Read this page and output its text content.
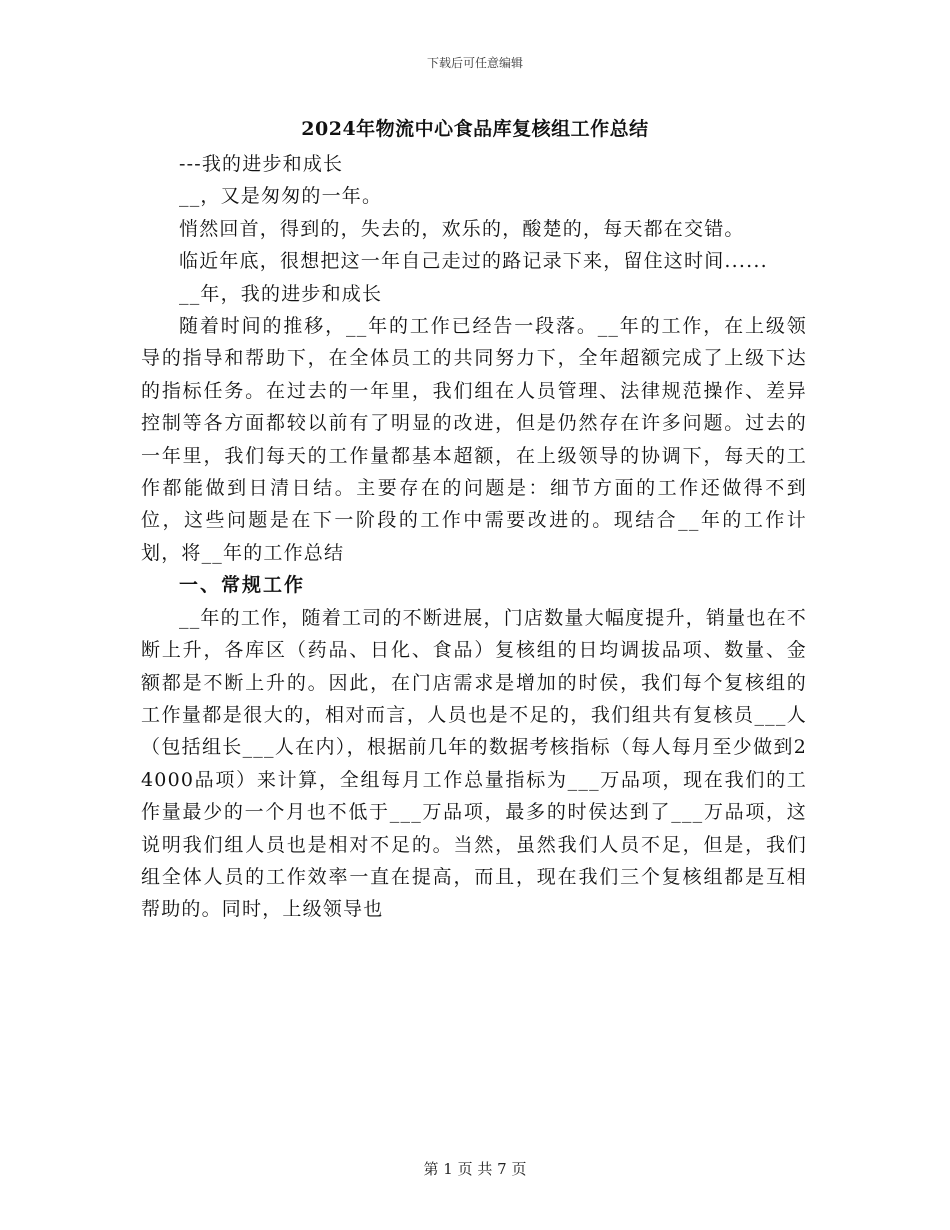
下载后可任意编辑
2024年物流中心食品库复核组工作总结

---我的进步和成长

__，又是匆匆的一年。

悄然回首，得到的，失去的，欢乐的，酸楚的，每天都在交错。

临近年底，很想把这一年自己走过的路记录下来，留住这时间......

__年，我的进步和成长

随着时间的推移，__年的工作已经告一段落。__年的工作，在上级领导的指导和帮助下，在全体员工的共同努力下，全年超额完成了上级下达的指标任务。在过去的一年里，我们组在人员管理、法律规范操作、差异控制等各方面都较以前有了明显的改进，但是仍然存在许多问题。过去的一年里，我们每天的工作量都基本超额，在上级领导的协调下，每天的工作都能做到日清日结。主要存在的问题是：细节方面的工作还做得不到位，这些问题是在下一阶段的工作中需要改进的。现结合__年的工作计划，将__年的工作总结

一、常规工作

__年的工作，随着工司的不断进展，门店数量大幅度提升，销量也在不断上升，各库区（药品、日化、食品）复核组的日均调拔品项、数量、金额都是不断上升的。因此，在门店需求是增加的时侯，我们每个复核组的工作量都是很大的，相对而言，人员也是不足的，我们组共有复核员___人（包括组长___人在内），根据前几年的数据考核指标（每人每月至少做到24000品项）来计算，全组每月工作总量指标为___万品项，现在我们的工作量最少的一个月也不低于___万品项，最多的时侯达到了___万品项，这说明我们组人员也是相对不足的。当然，虽然我们人员不足，但是，我们组全体人员的工作效率一直在提高，而且，现在我们三个复核组都是互相帮助的。同时，上级领导也

第 1 页 共 7 页
